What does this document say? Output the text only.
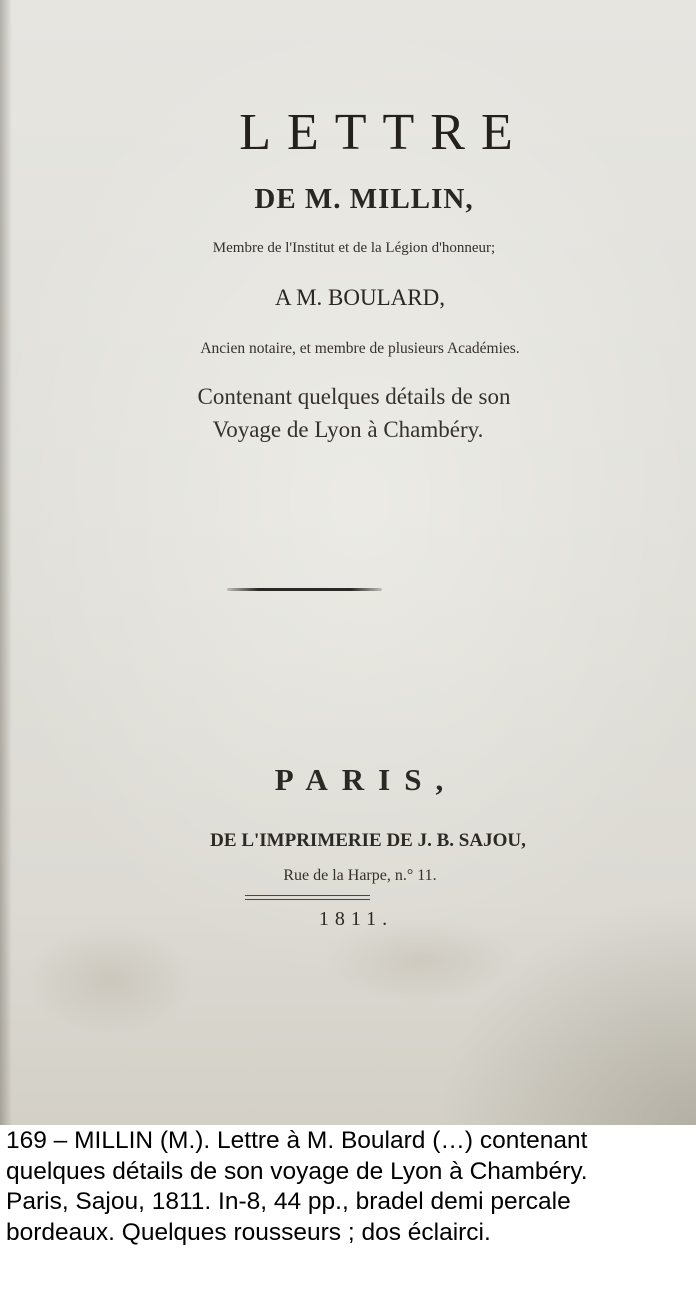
LETTRE
DE M. MILLIN,
Membre de l'Institut et de la Légion d'honneur;
A M. BOULARD,
Ancien notaire, et membre de plusieurs Académies.
Contenant quelques détails de son
Voyage de Lyon à Chambéry.
PARIS,
DE L'IMPRIMERIE DE J. B. SAJOU,
Rue de la Harpe, n.° 11.
1811.

169 – MILLIN (M.). Lettre à M. Boulard (…) contenant
quelques détails de son voyage de Lyon à Chambéry.
Paris, Sajou, 1811. In-8, 44 pp., bradel demi percale
bordeaux. Quelques rousseurs ; dos éclairci.
